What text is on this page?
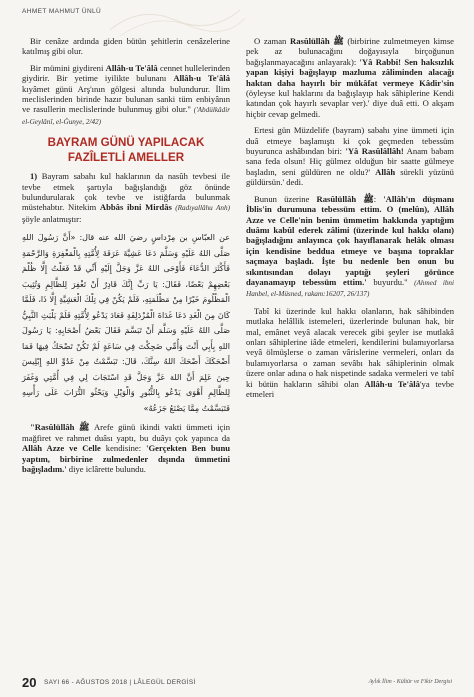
AHMET MAHMUT ÜNLÜ

Bir cenâze ardında giden bütün şehitlerin cenâzelerine katılmış gibi olur.

Bir mümini giydireni Allâh-u Te'âlâ cennet hullelerinden giydirir. Bir yetime iyilikte bulunanı Allâh-u Te'âlâ kıyâmet günü Arş'ının gölgesi altında bulundurur. İlim meclislerinden birinde hazır bulunan sanki tüm enbiyânın ve rasullerin meclislerinde bulunmuş gibi olur." ('Abdülkâdir el-Geylânî, el-Ğunye, 2/42)

BAYRAM GÜNÜ YAPILACAK
FAZÎLETLİ AMELLER

1) Bayram sabahı kul haklarının da nasûh tevbesi ile tevbe etmek şartıyla bağışlandığı göz önünde bulundurularak çok tevbe ve istiğfarda bulunmak müstehabtır. Nitekim Abbâs ibni Mirdâs (Radıyallâhu Anh) şöyle anlatmıştır:

عن العبّاسِ بن مِرْداسٍ رضيَ الله عنه قال: «أَنَّ رَسُولَ اللهِ صَلَّى اللهُ عَلَيْهِ وَسَلَّمَ دَعَا عَشِيَّةَ عَرَفَةَ لِأُمَّتِهِ بِالْمَغْفِرَةِ وَالرَّحْمَةِ فَأَكْثَرَ الدُّعَاءَ فَأَوْحَى اللهُ عَزَّ وَجَلَّ إِلَيْهِ أَنِّي قَدْ فَعَلْتُ إِلَّا ظُلْمَ بَعْضِهِمْ بَعْضًا، فَقَالَ: يَا رَبِّ إِنَّكَ قَادِرٌ أَنْ تَغْفِرَ لِلظَّالِمِ وَتُثِيبَ الْمَظْلُومَ خَيْرًا مِنْ مَظْلَمَتِهِ، فَلَمْ يَكُنْ فِي تِلْكَ الْعَشِيَّةِ إِلَّا ذَا، فَلَمَّا كَانَ مِنَ الْغَدِ دَعَا غَدَاةَ الْمُزْدَلِفَةِ فَعَادَ يَدْعُو لِأُمَّتِهِ فَلَمْ يَلْبَثِ النَّبِيُّ صَلَّى اللهُ عَلَيْهِ وَسَلَّمَ أَنْ تَبَسَّمَ فَقَالَ بَعْضُ أَصْحَابِهِ: يَا رَسُولَ اللهِ بِأَبِي أَنْتَ وَأُمِّي ضَحِكْتَ فِي سَاعَةٍ لَمْ تَكُنْ تَضْحَكُ فِيهَا فَمَا أَضْحَكَكَ أَضْحَكَ اللهُ سِنَّكَ، قَالَ: تَبَسَّمْتُ مِنْ عَدُوِّ اللهِ إِبْلِيسَ حِينَ عَلِمَ أَنَّ اللهَ عَزَّ وَجَلَّ قَدِ اسْتَجَابَ لِي فِي أُمَّتِي وَغَفَرَ لِلظَّالِمِ أَهْوَى يَدْعُو بِالثُّبُورِ وَالْوَيْلِ وَيَحْثُو التُّرَابَ عَلَى رَأْسِهِ فَتَبَسَّمْتُ مِمَّا يَصْنَعُ جَزَعُهُ»

"Rasûlüllâh ﷺ Arefe günü ikindi vakti ümmeti için mağfiret ve rahmet duâsı yaptı, bu duâyı çok yapınca da Allâh Azze ve Celle kendisine: 'Gerçekten Ben bunu yaptım, birbirine zulmedenler dışında ümmetini bağışladım.' diye iclârette bulundu.

O zaman Rasûlüllâh ﷺ (birbirine zulmetmeyen kimse pek az bulunacağını doğayısıyla birçoğunun bağışlanmayacağını anlayarak): 'Yâ Rabbi! Sen haksızlık yapan kişiyi bağışlayıp mazluma zâliminden alacağı haktan daha hayırlı bir mükâfat vermeye Kâdir'sin (öyleyse kul haklarını da bağışlayıp hak sâhiplerine Kendi katından çok hayırlı sevaplar ver).' diye duâ etti. O akşam hiçbir cevap gelmedi.

Ertesi gün Müzdelife (bayram) sabahı yine ümmeti için duâ etmeye başlamıştı ki çok geçmeden tebessüm buyurunca ashâbından biri: 'Yâ Rasûlâllâh! Anam babam sana feda olsun! Hiç gülmez olduğun bir saatte gülmeye başladın, seni güldüren ne oldu?' Allâh sürekli yüzünü güldürsün.' dedi.

Bunun üzerine Rasûlüllâh ﷺ: 'Allâh'ın düşmanı İblis'in durumuna tebessüm ettim. O (melûn), Allâh Azze ve Celle'nin benim ümmetim hakkında yaptığım duâmı kabûl ederek zâlimi (üzerinde kul hakkı olanı) bağışladığını anlayınca çok hayıflanarak helâk olması için kendisine beddua etmeye ve başına topraklar saçmaya başladı. İşte bu nedenle ben onun bu sıkıntısından dolayı yaptığı şeyleri görünce dayanamayıp tebessüm ettim.' buyurdu." (Ahmed ibni Hanbel, el-Müsned, rakam:16207, 26/137)

Tabî ki üzerinde kul hakkı olanların, hak sâhibinden mutlaka helâllik istemeleri, üzerlerinde bulunan hak, bir mal, emânet veyâ alacak verecek gibi şeyler ise mutlakâ onları sâhiplerine iâde etmeleri, kendilerini bulamıyorlarsa veyâ ölmüşlerse o zaman vârislerine vermeleri, onları da bulamıyorlarsa o zaman sevâbı hak sâhiplerinin olmak üzere onlar adına o hak nispetinde sadaka vermeleri ve tabî ki bütün hakların sâhibi olan Allâh-u Te'âlâ'ya tevbe etmeleri

20 SAYI 66 - AĞUSTOS 2018 | LÂLEGÜL DERGİSİ	Aylık İlim - Kültür ve Fikir Dergisi
